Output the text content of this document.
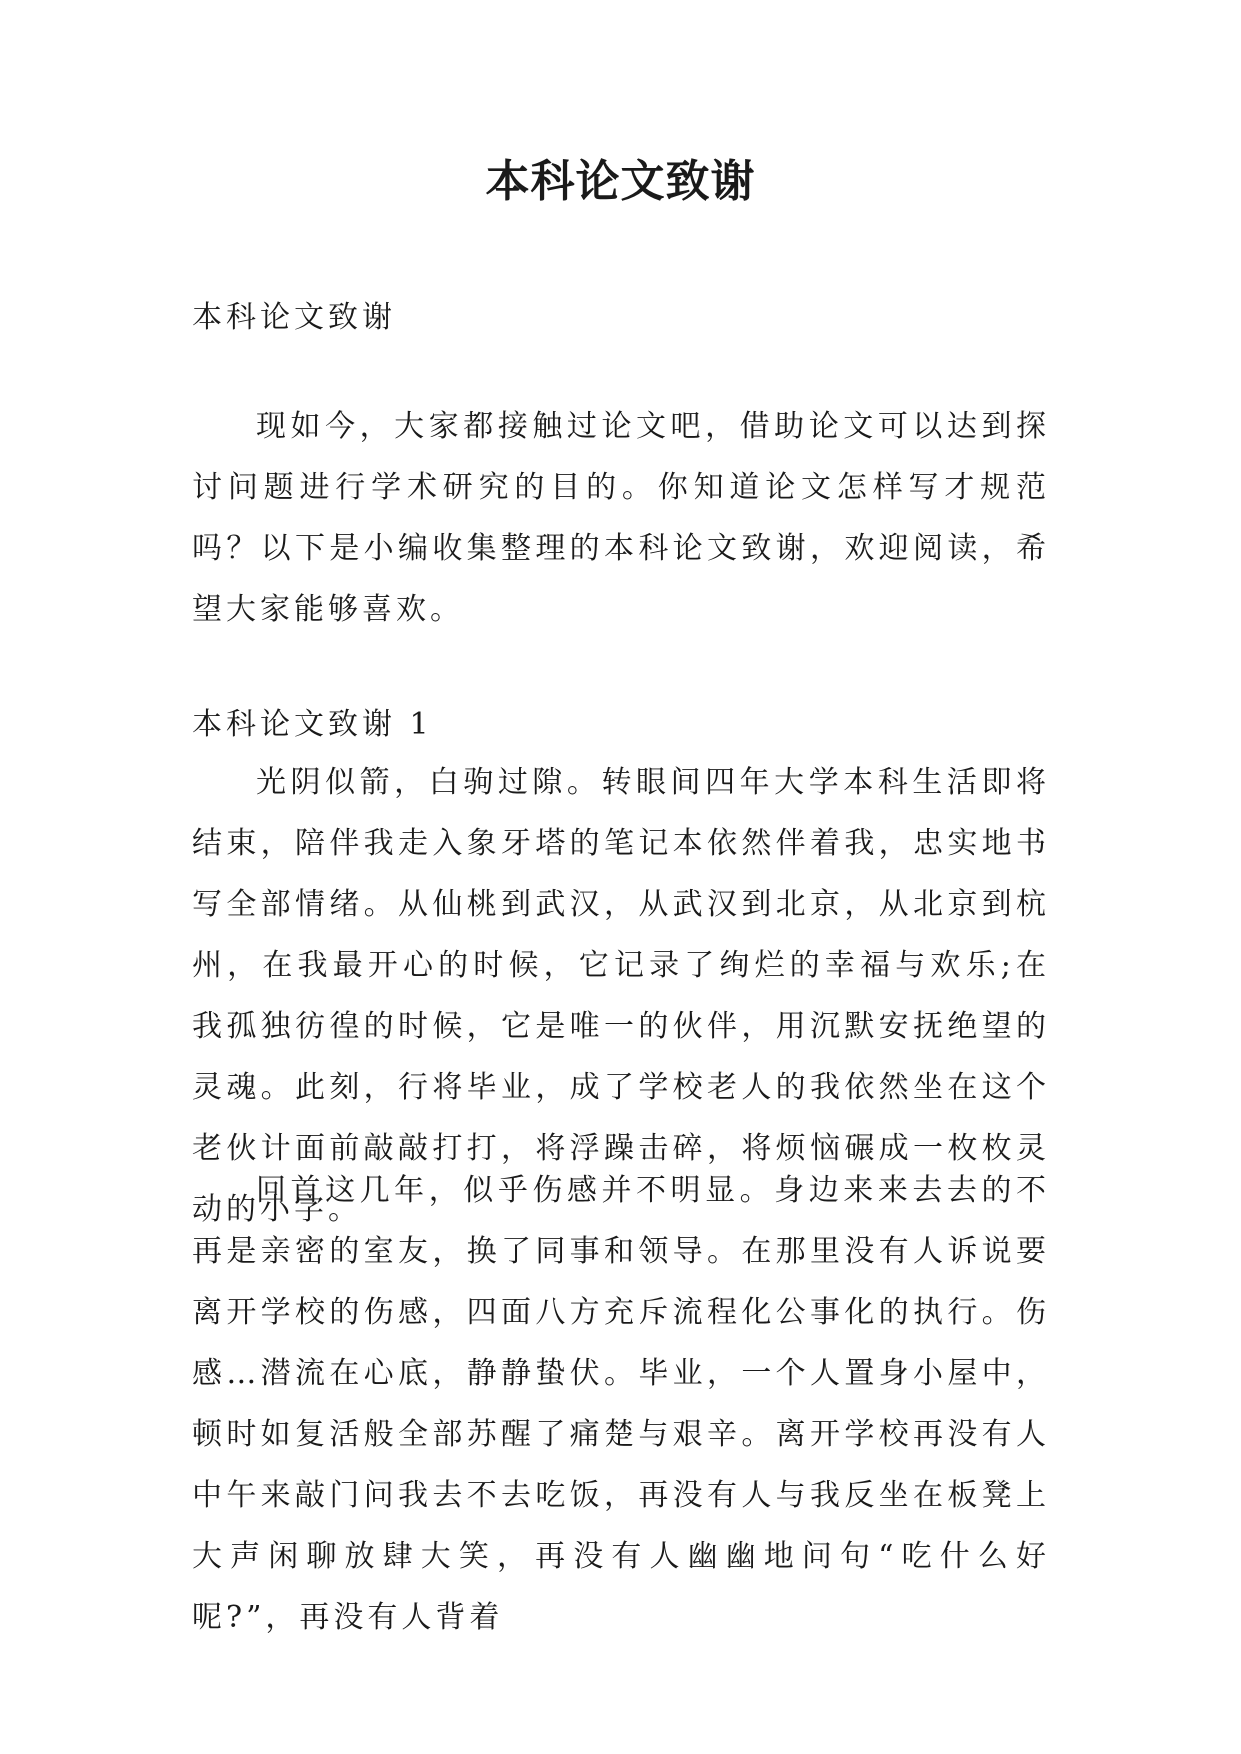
本科论文致谢

本科论文致谢

现如今，大家都接触过论文吧，借助论文可以达到探讨问题进行学术研究的目的。你知道论文怎样写才规范吗？以下是小编收集整理的本科论文致谢，欢迎阅读，希望大家能够喜欢。

本科论文致谢 1

光阴似箭，白驹过隙。转眼间四年大学本科生活即将结束，陪伴我走入象牙塔的笔记本依然伴着我，忠实地书写全部情绪。从仙桃到武汉，从武汉到北京，从北京到杭州，在我最开心的时候，它记录了绚烂的幸福与欢乐;在我孤独彷徨的时候，它是唯一的伙伴，用沉默安抚绝望的灵魂。此刻，行将毕业，成了学校老人的我依然坐在这个老伙计面前敲敲打打，将浮躁击碎，将烦恼碾成一枚枚灵动的小字。

回首这几年，似乎伤感并不明显。身边来来去去的不再是亲密的室友，换了同事和领导。在那里没有人诉说要离开学校的伤感，四面八方充斥流程化公事化的执行。伤感…潜流在心底，静静蛰伏。毕业，一个人置身小屋中，顿时如复活般全部苏醒了痛楚与艰辛。离开学校再没有人中午来敲门问我去不去吃饭，再没有人与我反坐在板凳上大声闲聊放肆大笑，再没有人幽幽地问句“吃什么好呢?”，再没有人背着
